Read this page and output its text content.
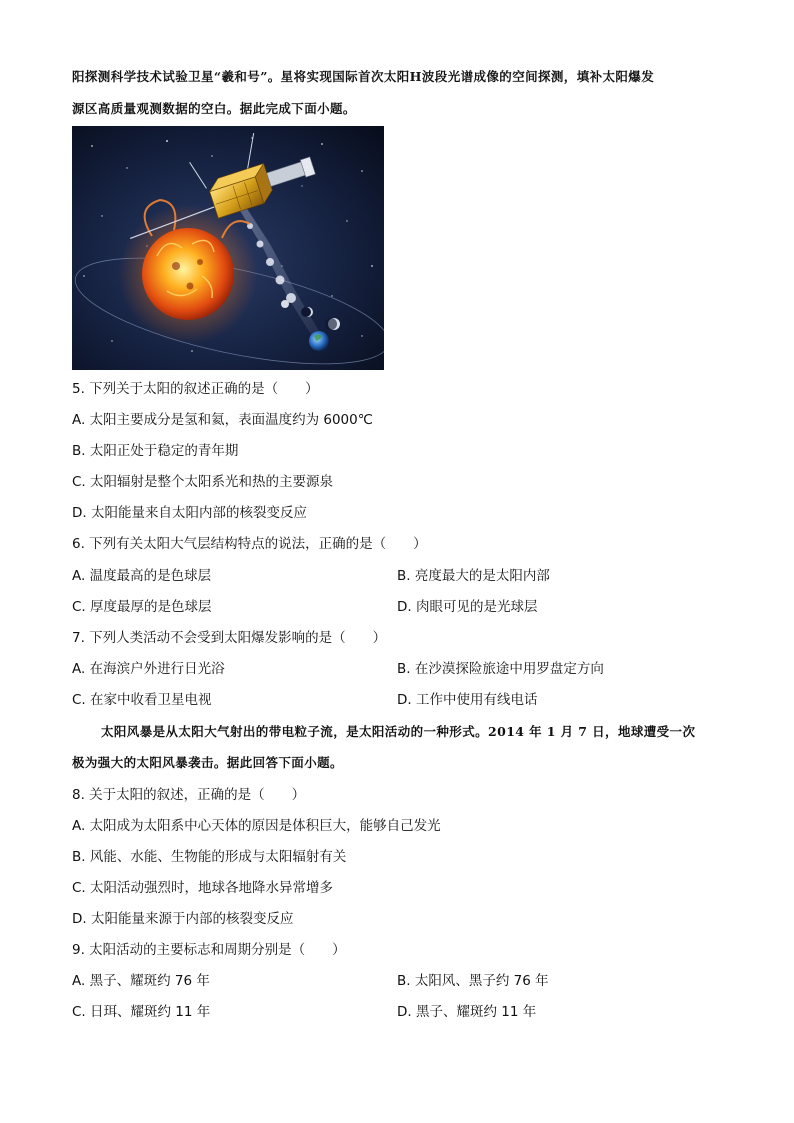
阳探测科学技术试验卫星“羲和号”。星将实现国际首次太阳H波段光谱成像的空间探测，填补太阳爆发
源区高质量观测数据的空白。据此完成下面小题。
5. 下列关于太阳的叙述正确的是（　　）
A. 太阳主要成分是氢和氦，表面温度约为 6000℃
B. 太阳正处于稳定的青年期
C. 太阳辐射是整个太阳系光和热的主要源泉
D. 太阳能量来自太阳内部的核裂变反应
6. 下列有关太阳大气层结构特点的说法，正确的是（　　）
A. 温度最高的是色球层	B. 亮度最大的是太阳内部
C. 厚度最厚的是色球层	D. 肉眼可见的是光球层
7. 下列人类活动不会受到太阳爆发影响的是（　　）
A. 在海滨户外进行日光浴	B. 在沙漠探险旅途中用罗盘定方向
C. 在家中收看卫星电视	D. 工作中使用有线电话
太阳风暴是从太阳大气射出的带电粒子流，是太阳活动的一种形式。2014 年 1 月 7 日，地球遭受一次
极为强大的太阳风暴袭击。据此回答下面小题。
8. 关于太阳的叙述，正确的是（　　）
A. 太阳成为太阳系中心天体的原因是体积巨大，能够自己发光
B. 风能、水能、生物能的形成与太阳辐射有关
C. 太阳活动强烈时，地球各地降水异常增多
D. 太阳能量来源于内部的核裂变反应
9. 太阳活动的主要标志和周期分别是（　　）
A. 黑子、耀斑约 76 年	B. 太阳风、黑子约 76 年
C. 日珥、耀斑约 11 年	D. 黑子、耀斑约 11 年
